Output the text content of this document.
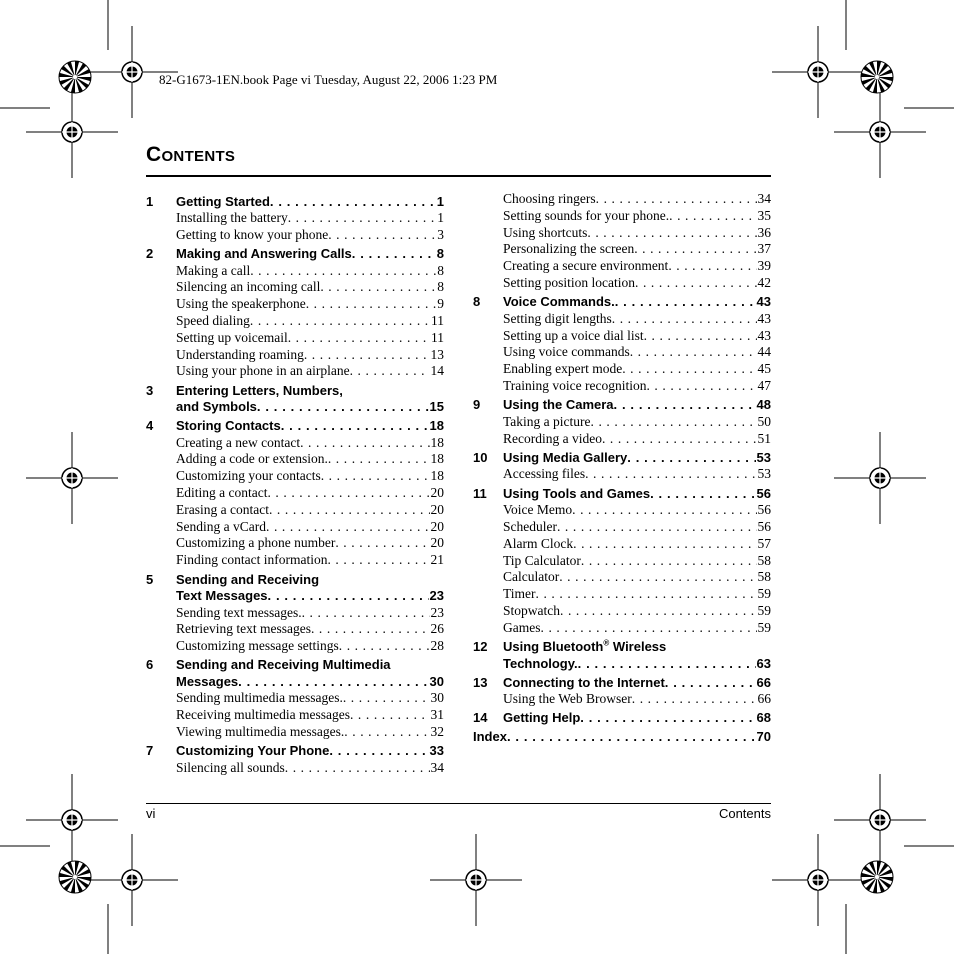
82-G1673-1EN.book Page vi Tuesday, August 22, 2006 1:23 PM
Contents
1	Getting Started . . .	1
Installing the battery . . .	1
Getting to know your phone . . .	3
2	Making and Answering Calls . . .	8
Making a call . . .	8
Silencing an incoming call . . .	8
Using the speakerphone . . .	9
Speed dialing . . .	11
Setting up voicemail . . .	11
Understanding roaming . . .	13
Using your phone in an airplane . . .	14
3	Entering Letters, Numbers,
and Symbols . . .	15
4	Storing Contacts . . .	18
Creating a new contact . . .	18
Adding a code or extension. . . .	18
Customizing your contacts . . .	18
Editing a contact . . .	20
Erasing a contact . . .	20
Sending a vCard . . .	20
Customizing a phone number . . .	20
Finding contact information . . .	21
5	Sending and Receiving
Text Messages . . .	23
Sending text messages. . . .	23
Retrieving text messages . . .	26
Customizing message settings . . .	28
6	Sending and Receiving Multimedia
Messages . . .	30
Sending multimedia messages. . . .	30
Receiving multimedia messages . . .	31
Viewing multimedia messages. . . .	32
7	Customizing Your Phone . . .	33
Silencing all sounds . . .	34
Choosing ringers . . .	34
Setting sounds for your phone. . . .	35
Using shortcuts . . .	36
Personalizing the screen . . .	37
Creating a secure environment . . .	39
Setting position location . . .	42
8	Voice Commands. . . .	43
Setting digit lengths . . .	43
Setting up a voice dial list . . .	43
Using voice commands . . .	44
Enabling expert mode . . .	45
Training voice recognition . . .	47
9	Using the Camera . . .	48
Taking a picture . . .	50
Recording a video . . .	51
10	Using Media Gallery . . .	53
Accessing files . . .	53
11	Using Tools and Games . . .	56
Voice Memo . . .	56
Scheduler . . .	56
Alarm Clock . . .	57
Tip Calculator . . .	58
Calculator . . .	58
Timer . . .	59
Stopwatch . . .	59
Games . . .	59
12	Using Bluetooth® Wireless
Technology. . . .	63
13	Connecting to the Internet . . .	66
Using the Web Browser . . .	66
14	Getting Help . . .	68
Index . . .	70
vi	Contents
